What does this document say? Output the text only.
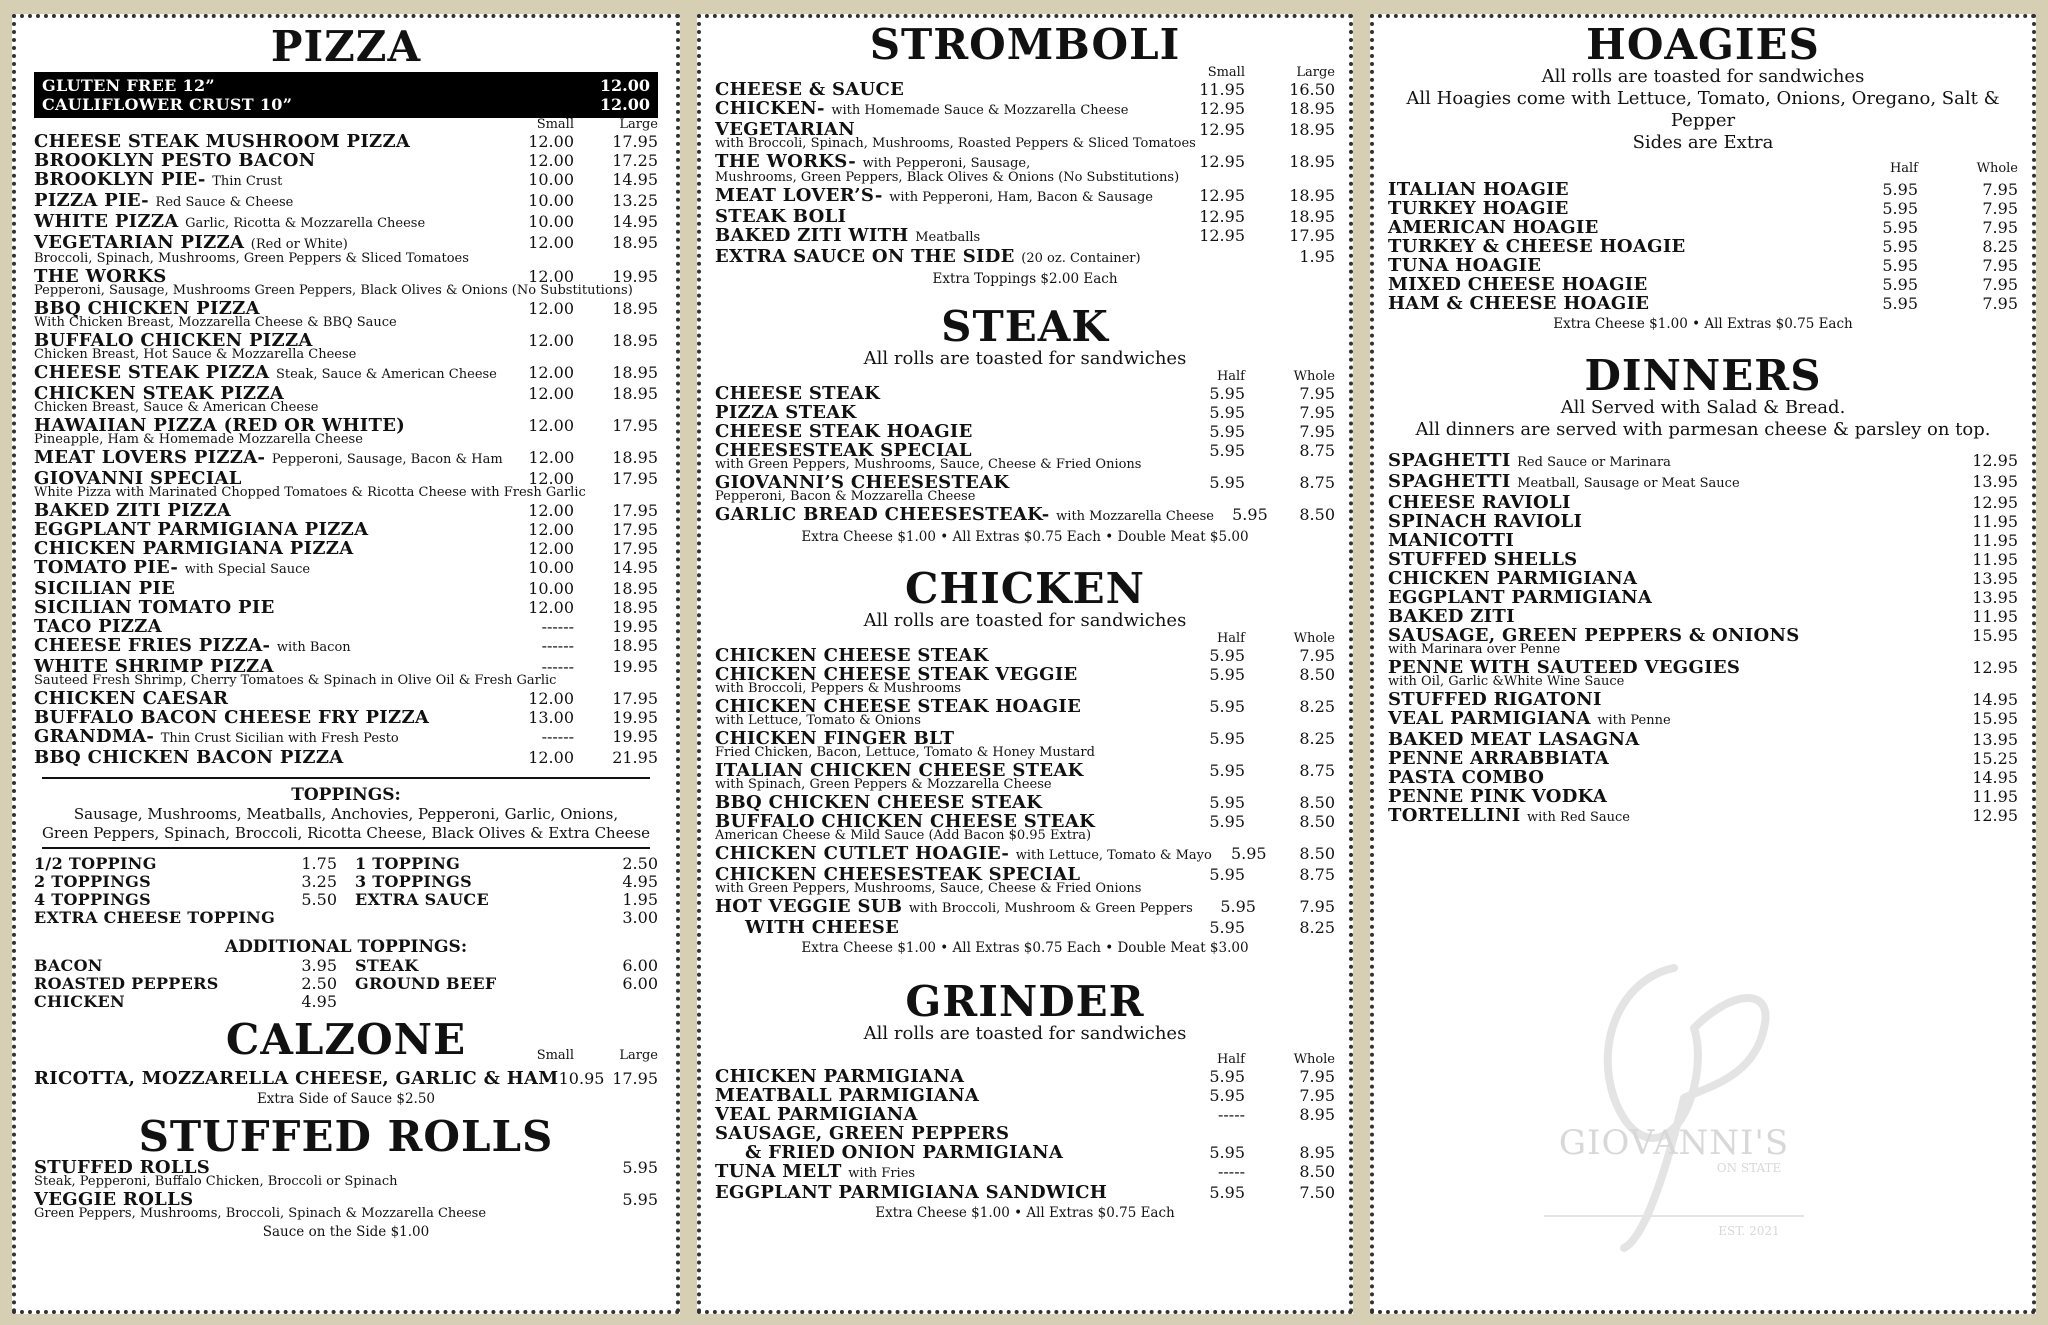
PIZZA
GLUTEN FREE 12”	12.00
CAULIFLOWER CRUST 10”	12.00
Small	Large
CHEESE STEAK MUSHROOM PIZZA	12.00	17.95
BROOKLYN PESTO BACON	12.00	17.25
BROOKLYN PIE- Thin Crust	10.00	14.95
PIZZA PIE- Red Sauce & Cheese	10.00	13.25
WHITE PIZZA Garlic, Ricotta & Mozzarella Cheese	10.00	14.95
VEGETARIAN PIZZA (Red or White)	12.00	18.95
Broccoli, Spinach, Mushrooms, Green Peppers & Sliced Tomatoes
THE WORKS	12.00	19.95
Pepperoni, Sausage, Mushrooms Green Peppers, Black Olives & Onions (No Substitutions)
BBQ CHICKEN PIZZA	12.00	18.95
With Chicken Breast, Mozzarella Cheese & BBQ Sauce
BUFFALO CHICKEN PIZZA	12.00	18.95
Chicken Breast, Hot Sauce & Mozzarella Cheese
CHEESE STEAK PIZZA Steak, Sauce & American Cheese	12.00	18.95
CHICKEN STEAK PIZZA	12.00	18.95
Chicken Breast, Sauce & American Cheese
HAWAIIAN PIZZA (RED OR WHITE)	12.00	17.95
Pineapple, Ham & Homemade Mozzarella Cheese
MEAT LOVERS PIZZA- Pepperoni, Sausage, Bacon & Ham	12.00	18.95
GIOVANNI SPECIAL	12.00	17.95
White Pizza with Marinated Chopped Tomatoes & Ricotta Cheese with Fresh Garlic
BAKED ZITI PIZZA	12.00	17.95
EGGPLANT PARMIGIANA PIZZA	12.00	17.95
CHICKEN PARMIGIANA PIZZA	12.00	17.95
TOMATO PIE- with Special Sauce	10.00	14.95
SICILIAN PIE	10.00	18.95
SICILIAN TOMATO PIE	12.00	18.95
TACO PIZZA	------	19.95
CHEESE FRIES PIZZA- with Bacon	------	18.95
WHITE SHRIMP PIZZA	------	19.95
Sauteed Fresh Shrimp, Cherry Tomatoes & Spinach in Olive Oil & Fresh Garlic
CHICKEN CAESAR	12.00	17.95
BUFFALO BACON CHEESE FRY PIZZA	13.00	19.95
GRANDMA- Thin Crust Sicilian with Fresh Pesto	------	19.95
BBQ CHICKEN BACON PIZZA	12.00	21.95
TOPPINGS:
Sausage, Mushrooms, Meatballs, Anchovies, Pepperoni, Garlic, Onions,
Green Peppers, Spinach, Broccoli, Ricotta Cheese, Black Olives & Extra Cheese
1/2 TOPPING	1.75
2 TOPPINGS	3.25
4 TOPPINGS	5.50
1 TOPPING	2.50
3 TOPPINGS	4.95
EXTRA SAUCE	1.95
EXTRA CHEESE TOPPING	3.00
ADDITIONAL TOPPINGS:
BACON	3.95
ROASTED PEPPERS	2.50
CHICKEN	4.95
STEAK	6.00
GROUND BEEF	6.00
CALZONE	Small	Large
RICOTTA, MOZZARELLA CHEESE, GARLIC & HAM 10.95 17.95
Extra Side of Sauce $2.50
STUFFED ROLLS
STUFFED ROLLS	5.95
Steak, Pepperoni, Buffalo Chicken, Broccoli or Spinach
VEGGIE ROLLS	5.95
Green Peppers, Mushrooms, Broccoli, Spinach & Mozzarella Cheese
Sauce on the Side $1.00
STROMBOLI
Small	Large
CHEESE & SAUCE	11.95	16.50
CHICKEN- with Homemade Sauce & Mozzarella Cheese	12.95	18.95
VEGETARIAN	12.95	18.95
with Broccoli, Spinach, Mushrooms, Roasted Peppers & Sliced Tomatoes
THE WORKS- with Pepperoni, Sausage,	12.95	18.95
Mushrooms, Green Peppers, Black Olives & Onions (No Substitutions)
MEAT LOVER’S- with Pepperoni, Ham, Bacon & Sausage	12.95	18.95
STEAK BOLI	12.95	18.95
BAKED ZITI WITH Meatballs	12.95	17.95
EXTRA SAUCE ON THE SIDE (20 oz. Container)	1.95
Extra Toppings $2.00 Each
STEAK
All rolls are toasted for sandwiches
Half	Whole
CHEESE STEAK	5.95	7.95
PIZZA STEAK	5.95	7.95
CHEESE STEAK HOAGIE	5.95	7.95
CHEESESTEAK SPECIAL	5.95	8.75
with Green Peppers, Mushrooms, Sauce, Cheese & Fried Onions
GIOVANNI’S CHEESESTEAK	5.95	8.75
Pepperoni, Bacon & Mozzarella Cheese
GARLIC BREAD CHEESESTEAK- with Mozzarella Cheese	5.95	8.50
Extra Cheese $1.00 • All Extras $0.75 Each • Double Meat $5.00
CHICKEN
All rolls are toasted for sandwiches
Half	Whole
CHICKEN CHEESE STEAK	5.95	7.95
CHICKEN CHEESE STEAK VEGGIE	5.95	8.50
with Broccoli, Peppers & Mushrooms
CHICKEN CHEESE STEAK HOAGIE	5.95	8.25
with Lettuce, Tomato & Onions
CHICKEN FINGER BLT	5.95	8.25
Fried Chicken, Bacon, Lettuce, Tomato & Honey Mustard
ITALIAN CHICKEN CHEESE STEAK	5.95	8.75
with Spinach, Green Peppers & Mozzarella Cheese
BBQ CHICKEN CHEESE STEAK	5.95	8.50
BUFFALO CHICKEN CHEESE STEAK	5.95	8.50
American Cheese & Mild Sauce (Add Bacon $0.95 Extra)
CHICKEN CUTLET HOAGIE- with Lettuce, Tomato & Mayo	5.95	8.50
CHICKEN CHEESESTEAK SPECIAL	5.95	8.75
with Green Peppers, Mushrooms, Sauce, Cheese & Fried Onions
HOT VEGGIE SUB with Broccoli, Mushroom & Green Peppers	5.95	7.95
WITH CHEESE	5.95	8.25
Extra Cheese $1.00 • All Extras $0.75 Each • Double Meat $3.00
GRINDER
All rolls are toasted for sandwiches
Half	Whole
CHICKEN PARMIGIANA	5.95	7.95
MEATBALL PARMIGIANA	5.95	7.95
VEAL PARMIGIANA	-----	8.95
SAUSAGE, GREEN PEPPERS
& FRIED ONION PARMIGIANA	5.95	8.95
TUNA MELT with Fries	-----	8.50
EGGPLANT PARMIGIANA SANDWICH	5.95	7.50
Extra Cheese $1.00 • All Extras $0.75 Each
HOAGIES
All rolls are toasted for sandwiches
All Hoagies come with Lettuce, Tomato, Onions, Oregano, Salt & Pepper
Sides are Extra
Half	Whole
ITALIAN HOAGIE	5.95	7.95
TURKEY HOAGIE	5.95	7.95
AMERICAN HOAGIE	5.95	7.95
TURKEY & CHEESE HOAGIE	5.95	8.25
TUNA HOAGIE	5.95	7.95
MIXED CHEESE HOAGIE	5.95	7.95
HAM & CHEESE HOAGIE	5.95	7.95
Extra Cheese $1.00 • All Extras $0.75 Each
DINNERS
All Served with Salad & Bread.
All dinners are served with parmesan cheese & parsley on top.
SPAGHETTI Red Sauce or Marinara	12.95
SPAGHETTI Meatball, Sausage or Meat Sauce	13.95
CHEESE RAVIOLI	12.95
SPINACH RAVIOLI	11.95
MANICOTTI	11.95
STUFFED SHELLS	11.95
CHICKEN PARMIGIANA	13.95
EGGPLANT PARMIGIANA	13.95
BAKED ZITI	11.95
SAUSAGE, GREEN PEPPERS & ONIONS	15.95
with Marinara over Penne
PENNE WITH SAUTEED VEGGIES	12.95
with Oil, Garlic &White Wine Sauce
STUFFED RIGATONI	14.95
VEAL PARMIGIANA with Penne	15.95
BAKED MEAT LASAGNA	13.95
PENNE ARRABBIATA	15.25
PASTA COMBO	14.95
PENNE PINK VODKA	11.95
TORTELLINI with Red Sauce	12.95
GIOVANNI'S
ON STATE
EST. 2021
